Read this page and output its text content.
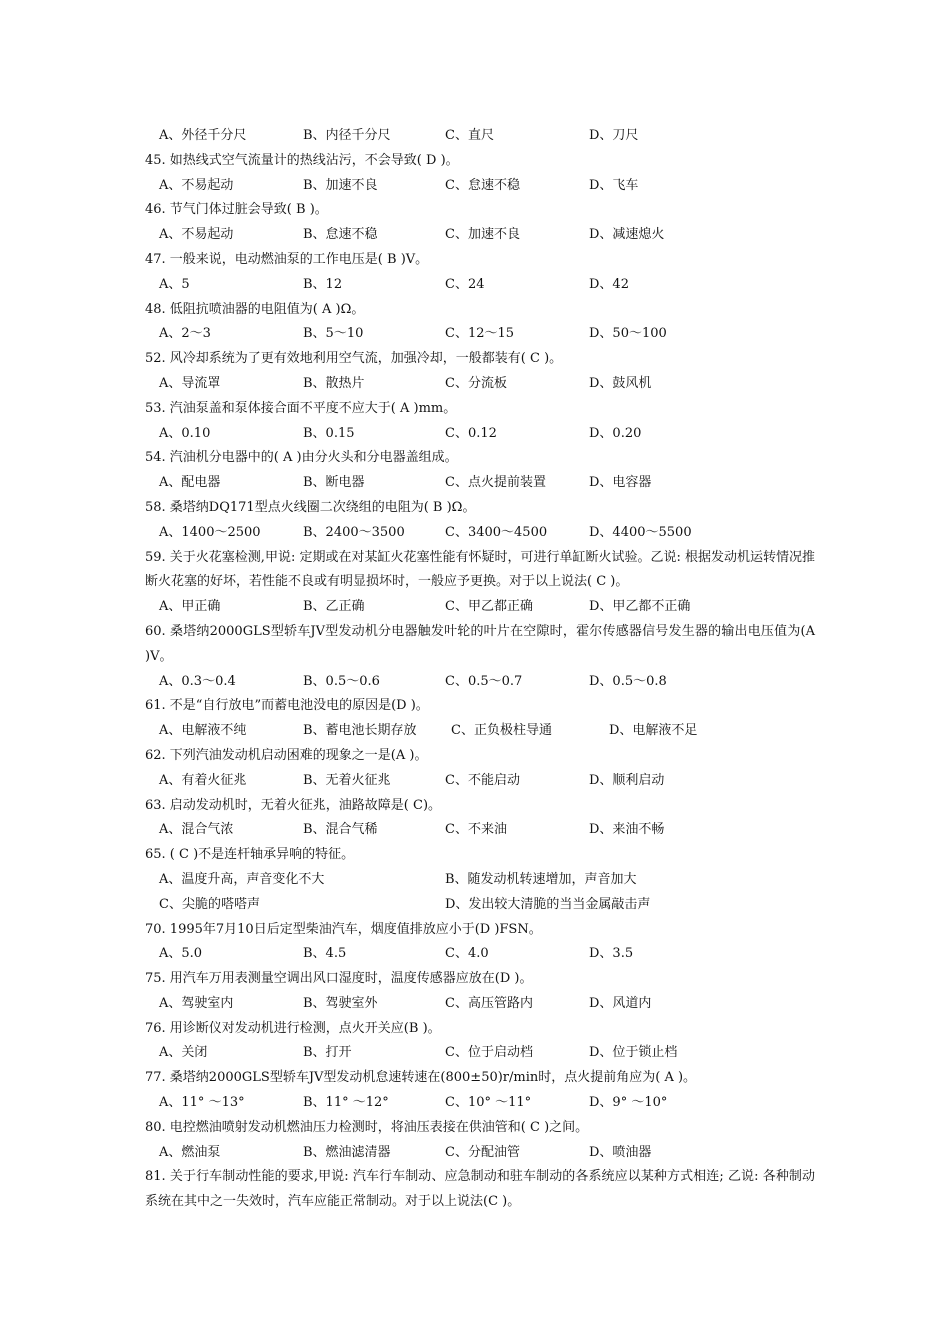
A、外径千分尺	B、内径千分尺	C、直尺	D、刀尺
45. 如热线式空气流量计的热线沾污，不会导致( D )。
A、不易起动	B、加速不良	C、怠速不稳	D、飞车
46. 节气门体过脏会导致( B )。
A、不易起动	B、怠速不稳	C、加速不良	D、减速熄火
47. 一般来说，电动燃油泵的工作电压是( B )V。
A、5	B、12	C、24	D、42
48. 低阻抗喷油器的电阻值为( A )Ω。
A、2～3	B、5～10	C、12～15	D、50～100
52. 风冷却系统为了更有效地利用空气流，加强冷却，一般都装有( C )。
A、导流罩	B、散热片	C、分流板	D、鼓风机
53. 汽油泵盖和泵体接合面不平度不应大于( A )mm。
A、0.10	B、0.15	C、0.12	D、0.20
54. 汽油机分电器中的( A )由分火头和分电器盖组成。
A、配电器	B、断电器	C、点火提前装置	D、电容器
58. 桑塔纳DQ171型点火线圈二次绕组的电阻为( B )Ω。
A、1400～2500	B、2400～3500	C、3400～4500	D、4400～5500
59. 关于火花塞检测,甲说: 定期或在对某缸火花塞性能有怀疑时，可进行单缸断火试验。乙说: 根据发动机运转情况推断火花塞的好坏，若性能不良或有明显损坏时，一般应予更换。对于以上说法( C )。
A、甲正确	B、乙正确	C、甲乙都正确	D、甲乙都不正确
60. 桑塔纳2000GLS型轿车JV型发动机分电器触发叶轮的叶片在空隙时，霍尔传感器信号发生器的输出电压值为(A )V。
A、0.3～0.4	B、0.5～0.6	C、0.5～0.7	D、0.5～0.8
61. 不是“自行放电”而蓄电池没电的原因是(D )。
A、电解液不纯	B、蓄电池长期存放	C、正负极柱导通	D、电解液不足
62. 下列汽油发动机启动困难的现象之一是(A )。
A、有着火征兆	B、无着火征兆	C、不能启动	D、顺利启动
63. 启动发动机时，无着火征兆，油路故障是( C)。
A、混合气浓	B、混合气稀	C、不来油	D、来油不畅
65. ( C )不是连杆轴承异响的特征。
A、温度升高，声音变化不大	B、随发动机转速增加，声音加大
C、尖脆的嗒嗒声	D、发出较大清脆的当当金属敲击声
70. 1995年7月10日后定型柴油汽车，烟度值排放应小于(D )FSN。
A、5.0	B、4.5	C、4.0	D、3.5
75. 用汽车万用表测量空调出风口湿度时，温度传感器应放在(D )。
A、驾驶室内	B、驾驶室外	C、高压管路内	D、风道内
76. 用诊断仪对发动机进行检测，点火开关应(B )。
A、关闭	B、打开	C、位于启动档	D、位于锁止档
77. 桑塔纳2000GLS型轿车JV型发动机怠速转速在(800±50)r/min时，点火提前角应为( A )。
A、11° ～13°	B、11° ～12°	C、10° ～11°	D、9° ～10°
80. 电控燃油喷射发动机燃油压力检测时，将油压表接在供油管和( C )之间。
A、燃油泵	B、燃油滤清器	C、分配油管	D、喷油器
81. 关于行车制动性能的要求,甲说: 汽车行车制动、应急制动和驻车制动的各系统应以某种方式相连; 乙说: 各种制动系统在其中之一失效时，汽车应能正常制动。对于以上说法(C )。
